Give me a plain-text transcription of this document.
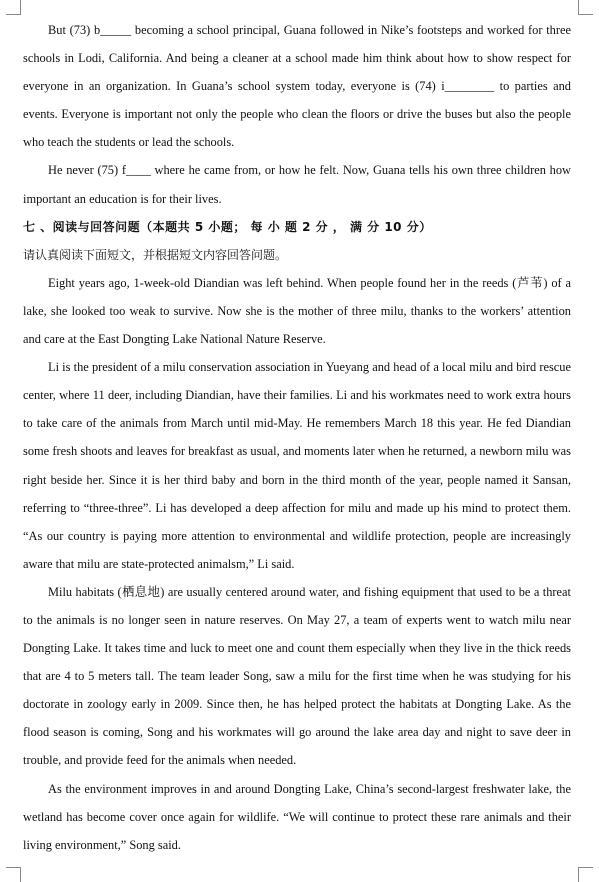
But (73) b_____ becoming a school principal, Guana followed in Nike’s footsteps and worked for three schools in Lodi, California. And being a cleaner at a school made him think about how to show respect for everyone in an organization. In Guana’s school system today, everyone is (74) i________ to parties and events. Everyone is important not only the people who clean the floors or drive the buses but also the people who teach the students or lead the schools.

He never (75) f____ where he came from, or how he felt. Now, Guana tells his own three children how important an education is for their lives.

七 、阅读与回答问题（本题共 5 小题； 每 小 题 2 分 ， 满 分 10 分）

请认真阅读下面短文，并根据短文内容回答问题。

Eight years ago, 1-week-old Diandian was left behind. When people found her in the reeds (芦苇) of a lake, she looked too weak to survive. Now she is the mother of three milu, thanks to the workers’ attention and care at the East Dongting Lake National Nature Reserve.

Li is the president of a milu conservation association in Yueyang and head of a local milu and bird rescue center, where 11 deer, including Diandian, have their families. Li and his workmates need to work extra hours to take care of the animals from March until mid-May. He remembers March 18 this year. He fed Diandian some fresh shoots and leaves for breakfast as usual, and moments later when he returned, a newborn milu was right beside her. Since it is her third baby and born in the third month of the year, people named it Sansan, referring to “three-three”. Li has developed a deep affection for milu and made up his mind to protect them. “As our country is paying more attention to environmental and wildlife protection, people are increasingly aware that milu are state-protected animalsm,” Li said.

Milu habitats (栖息地) are usually centered around water, and fishing equipment that used to be a threat to the animals is no longer seen in nature reserves. On May 27, a team of experts went to watch milu near Dongting Lake. It takes time and luck to meet one and count them especially when they live in the thick reeds that are 4 to 5 meters tall. The team leader Song, saw a milu for the first time when he was studying for his doctorate in zoology early in 2009. Since then, he has helped protect the habitats at Dongting Lake. As the flood season is coming, Song and his workmates will go around the lake area day and night to save deer in trouble, and provide feed for the animals when needed.

As the environment improves in and around Dongting Lake, China’s second-largest freshwater lake, the wetland has become cover once again for wildlife. “We will continue to protect these rare animals and their living environment,” Song said.
